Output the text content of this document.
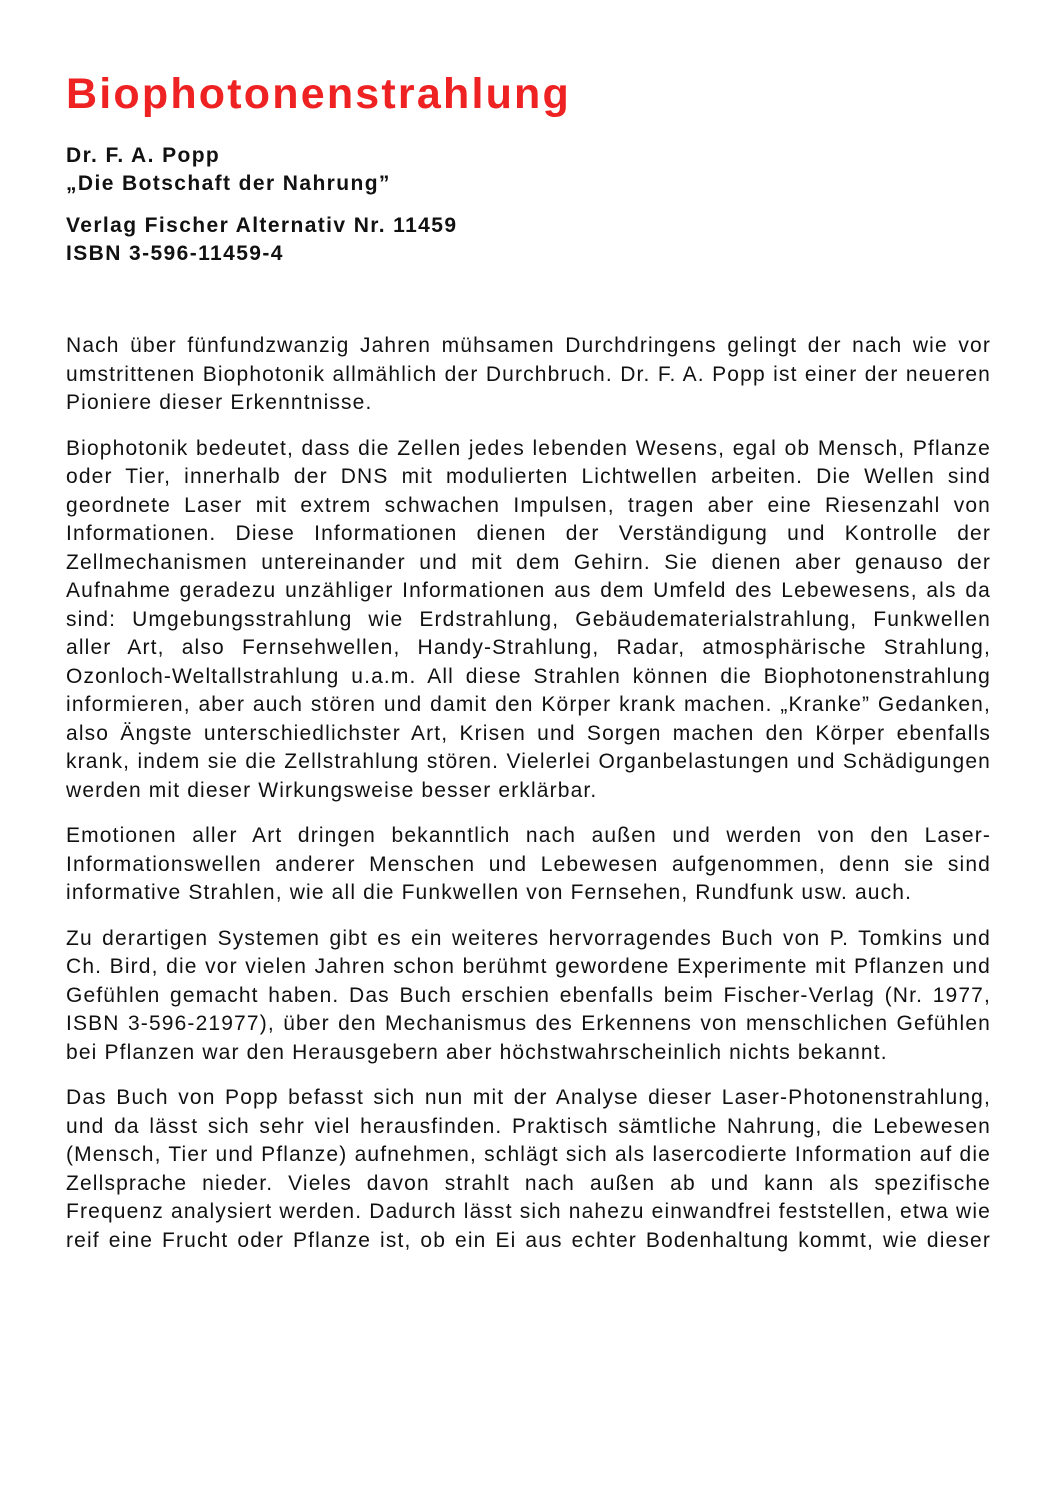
Biophotonenstrahlung
Dr. F. A. Popp
„Die Botschaft der Nahrung”
Verlag Fischer Alternativ Nr. 11459
ISBN 3-596-11459-4

Nach über fünfundzwanzig Jahren mühsamen Durchdringens gelingt der nach wie vor umstrittenen Biophotonik allmählich der Durchbruch. Dr. F. A. Popp ist einer der neueren Pioniere dieser Erkenntnisse.

Biophotonik bedeutet, dass die Zellen jedes lebenden Wesens, egal ob Mensch, Pflanze oder Tier, innerhalb der DNS mit modulierten Lichtwellen arbeiten. Die Wellen sind geordnete Laser mit extrem schwachen Impulsen, tragen aber eine Riesenzahl von Informationen. Diese Informationen dienen der Verständigung und Kontrolle der Zellmechanismen untereinander und mit dem Gehirn. Sie dienen aber genauso der Aufnahme geradezu unzähliger Informationen aus dem Umfeld des Lebewesens, als da sind: Umgebungsstrahlung wie Erdstrahlung, Gebäudematerialstrahlung, Funkwellen aller Art, also Fernsehwellen, Handy-Strahlung, Radar, atmosphärische Strahlung, Ozonloch-Weltallstrahlung u.a.m. All diese Strahlen können die Biophotonenstrahlung informieren, aber auch stören und damit den Körper krank machen. „Kranke” Gedanken, also Ängste unterschiedlichster Art, Krisen und Sorgen machen den Körper ebenfalls krank, indem sie die Zellstrahlung stören. Vielerlei Organbelastungen und Schädigungen werden mit dieser Wirkungsweise besser erklärbar.

Emotionen aller Art dringen bekanntlich nach außen und werden von den Laser-Informationswellen anderer Menschen und Lebewesen aufgenommen, denn sie sind informative Strahlen, wie all die Funkwellen von Fernsehen, Rundfunk usw. auch.

Zu derartigen Systemen gibt es ein weiteres hervorragendes Buch von P. Tomkins und Ch. Bird, die vor vielen Jahren schon berühmt gewordene Experimente mit Pflanzen und Gefühlen gemacht haben. Das Buch erschien ebenfalls beim Fischer-Verlag (Nr. 1977, ISBN 3-596-21977), über den Mechanismus des Erkennens von menschlichen Gefühlen bei Pflanzen war den Herausgebern aber höchstwahrscheinlich nichts bekannt.

Das Buch von Popp befasst sich nun mit der Analyse dieser Laser-Photonenstrahlung, und da lässt sich sehr viel herausfinden. Praktisch sämtliche Nahrung, die Lebewesen (Mensch, Tier und Pflanze) aufnehmen, schlägt sich als lasercodierte Information auf die Zellsprache nieder. Vieles davon strahlt nach außen ab und kann als spezifische Frequenz analysiert werden. Dadurch lässt sich nahezu einwandfrei feststellen, etwa wie reif eine Frucht oder Pflanze ist, ob ein Ei aus echter Bodenhaltung kommt, wie dieser
